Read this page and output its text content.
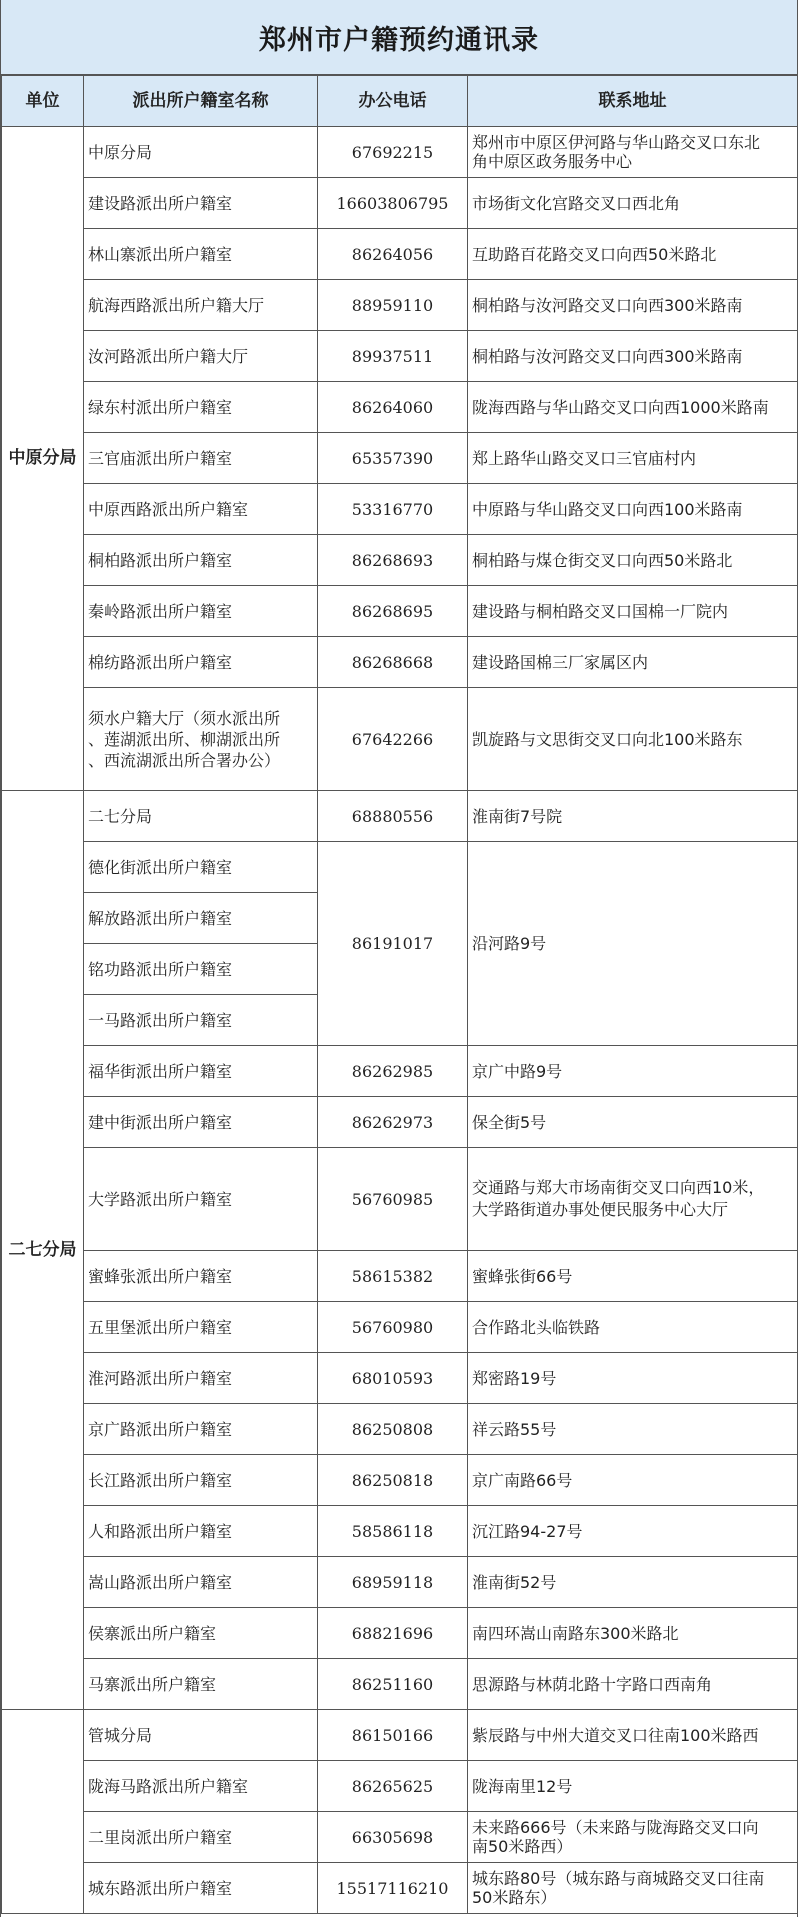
郑州市户籍预约通讯录
单位	派出所户籍室名称	办公电话	联系地址
中原分局	中原分局	67692215	郑州市中原区伊河路与华山路交叉口东北
角中原区政务服务中心
	建设路派出所户籍室	16603806795	市场街文化宫路交叉口西北角
	林山寨派出所户籍室	86264056	互助路百花路交叉口向西50米路北
	航海西路派出所户籍大厅	88959110	桐柏路与汝河路交叉口向西300米路南
	汝河路派出所户籍大厅	89937511	桐柏路与汝河路交叉口向西300米路南
	绿东村派出所户籍室	86264060	陇海西路与华山路交叉口向西1000米路南
	三官庙派出所户籍室	65357390	郑上路华山路交叉口三官庙村内
	中原西路派出所户籍室	53316770	中原路与华山路交叉口向西100米路南
	桐柏路派出所户籍室	86268693	桐柏路与煤仓街交叉口向西50米路北
	秦岭路派出所户籍室	86268695	建设路与桐柏路交叉口国棉一厂院内
	棉纺路派出所户籍室	86268668	建设路国棉三厂家属区内
	须水户籍大厅（须水派出所
、莲湖派出所、柳湖派出所
、西流湖派出所合署办公）	67642266	凯旋路与文思街交叉口向北100米路东
二七分局	二七分局	68880556	淮南街7号院
	德化街派出所户籍室	86191017	沿河路9号
	解放路派出所户籍室		
	铭功路派出所户籍室		
	一马路派出所户籍室		
	福华街派出所户籍室	86262985	京广中路9号
	建中街派出所户籍室	86262973	保全街5号
	大学路派出所户籍室	56760985	交通路与郑大市场南街交叉口向西10米，
大学路街道办事处便民服务中心大厅
	蜜蜂张派出所户籍室	58615382	蜜蜂张街66号
	五里堡派出所户籍室	56760980	合作路北头临铁路
	淮河路派出所户籍室	68010593	郑密路19号
	京广路派出所户籍室	86250808	祥云路55号
	长江路派出所户籍室	86250818	京广南路66号
	人和路派出所户籍室	58586118	沉江路94-27号
	嵩山路派出所户籍室	68959118	淮南街52号
	侯寨派出所户籍室	68821696	南四环嵩山南路东300米路北
	马寨派出所户籍室	86251160	思源路与林荫北路十字路口西南角
	管城分局	86150166	紫辰路与中州大道交叉口往南100米路西
	陇海马路派出所户籍室	86265625	陇海南里12号
	二里岗派出所户籍室	66305698	未来路666号（未来路与陇海路交叉口向
南50米路西）
	城东路派出所户籍室	15517116210	城东路80号（城东路与商城路交叉口往南
50米路东）
